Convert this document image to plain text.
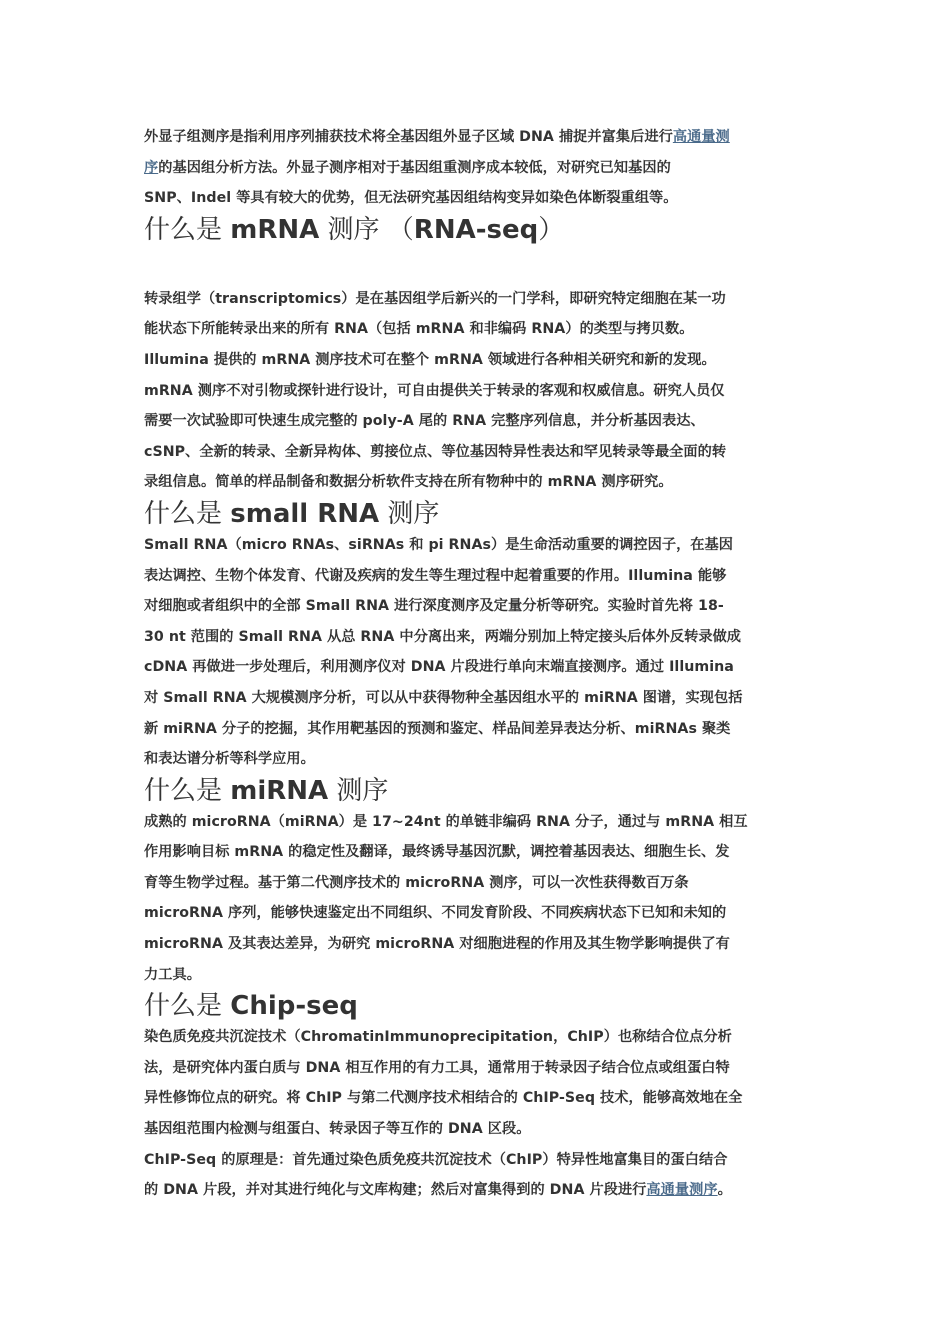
外显子组测序是指利用序列捕获技术将全基因组外显子区域 DNA 捕捉并富集后进行高通量测
序的基因组分析方法。外显子测序相对于基因组重测序成本较低，对研究已知基因的
SNP、Indel 等具有较大的优势，但无法研究基因组结构变异如染色体断裂重组等。

什么是 mRNA 测序 （RNA-seq）

转录组学（transcriptomics）是在基因组学后新兴的一门学科，即研究特定细胞在某一功
能状态下所能转录出来的所有 RNA（包括 mRNA 和非编码 RNA）的类型与拷贝数。
Illumina 提供的 mRNA 测序技术可在整个 mRNA 领域进行各种相关研究和新的发现。
mRNA 测序不对引物或探针进行设计，可自由提供关于转录的客观和权威信息。研究人员仅
需要一次试验即可快速生成完整的 poly-A 尾的 RNA 完整序列信息，并分析基因表达、
cSNP、全新的转录、全新异构体、剪接位点、等位基因特异性表达和罕见转录等最全面的转
录组信息。简单的样品制备和数据分析软件支持在所有物种中的 mRNA 测序研究。

什么是 small RNA 测序

Small RNA（micro RNAs、siRNAs 和 pi RNAs）是生命活动重要的调控因子，在基因
表达调控、生物个体发育、代谢及疾病的发生等生理过程中起着重要的作用。Illumina 能够
对细胞或者组织中的全部 Small RNA 进行深度测序及定量分析等研究。实验时首先将 18-
30 nt 范围的 Small RNA 从总 RNA 中分离出来，两端分别加上特定接头后体外反转录做成
cDNA 再做进一步处理后，利用测序仪对 DNA 片段进行单向末端直接测序。通过 Illumina
对 Small RNA 大规模测序分析，可以从中获得物种全基因组水平的 miRNA 图谱，实现包括
新 miRNA 分子的挖掘，其作用靶基因的预测和鉴定、样品间差异表达分析、miRNAs 聚类
和表达谱分析等科学应用。

什么是 miRNA 测序

成熟的 microRNA（miRNA）是 17~24nt 的单链非编码 RNA 分子，通过与 mRNA 相互
作用影响目标 mRNA 的稳定性及翻译，最终诱导基因沉默，调控着基因表达、细胞生长、发
育等生物学过程。基于第二代测序技术的 microRNA 测序，可以一次性获得数百万条
microRNA 序列，能够快速鉴定出不同组织、不同发育阶段、不同疾病状态下已知和未知的
microRNA 及其表达差异，为研究 microRNA 对细胞进程的作用及其生物学影响提供了有
力工具。

什么是 Chip-seq

染色质免疫共沉淀技术（ChromatinImmunoprecipitation，ChIP）也称结合位点分析
法，是研究体内蛋白质与 DNA 相互作用的有力工具，通常用于转录因子结合位点或组蛋白特
异性修饰位点的研究。将 ChIP 与第二代测序技术相结合的 ChIP-Seq 技术，能够高效地在全
基因组范围内检测与组蛋白、转录因子等互作的 DNA 区段。
ChIP-Seq 的原理是：首先通过染色质免疫共沉淀技术（ChIP）特异性地富集目的蛋白结合
的 DNA 片段，并对其进行纯化与文库构建；然后对富集得到的 DNA 片段进行高通量测序。
